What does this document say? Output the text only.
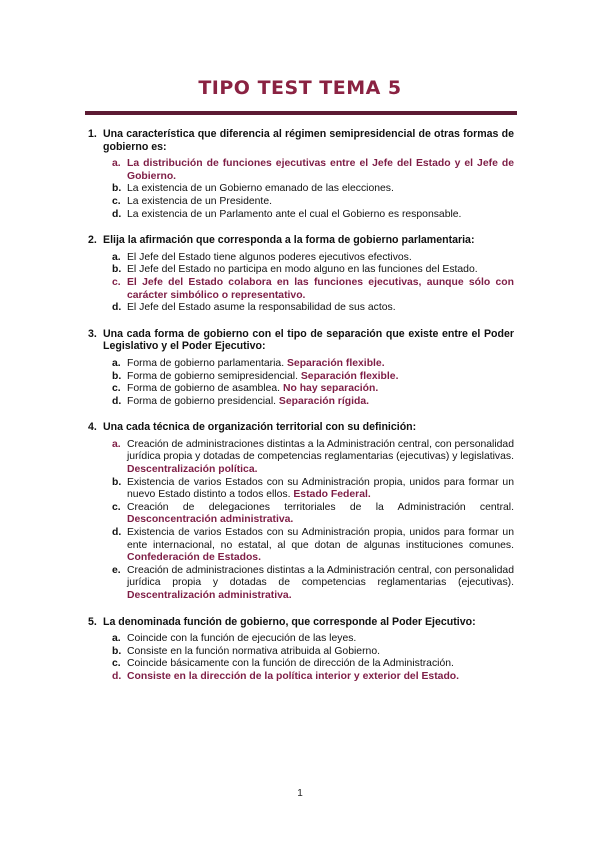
TIPO TEST TEMA 5
1. Una característica que diferencia al régimen semipresidencial de otras formas de gobierno es:
a. La distribución de funciones ejecutivas entre el Jefe del Estado y el Jefe de Gobierno.
b. La existencia de un Gobierno emanado de las elecciones.
c. La existencia de un Presidente.
d. La existencia de un Parlamento ante el cual el Gobierno es responsable.
2. Elija la afirmación que corresponda a la forma de gobierno parlamentaria:
a. El Jefe del Estado tiene algunos poderes ejecutivos efectivos.
b. El Jefe del Estado no participa en modo alguno en las funciones del Estado.
c. El Jefe del Estado colabora en las funciones ejecutivas, aunque sólo con carácter simbólico o representativo.
d. El Jefe del Estado asume la responsabilidad de sus actos.
3. Una cada forma de gobierno con el tipo de separación que existe entre el Poder Legislativo y el Poder Ejecutivo:
a. Forma de gobierno parlamentaria. Separación flexible.
b. Forma de gobierno semipresidencial. Separación flexible.
c. Forma de gobierno de asamblea. No hay separación.
d. Forma de gobierno presidencial. Separación rígida.
4. Una cada técnica de organización territorial con su definición:
a. Creación de administraciones distintas a la Administración central, con personalidad jurídica propia y dotadas de competencias reglamentarias (ejecutivas) y legislativas. Descentralización política.
b. Existencia de varios Estados con su Administración propia, unidos para formar un nuevo Estado distinto a todos ellos. Estado Federal.
c. Creación de delegaciones territoriales de la Administración central. Desconcentración administrativa.
d. Existencia de varios Estados con su Administración propia, unidos para formar un ente internacional, no estatal, al que dotan de algunas instituciones comunes. Confederación de Estados.
e. Creación de administraciones distintas a la Administración central, con personalidad jurídica propia y dotadas de competencias reglamentarias (ejecutivas). Descentralización administrativa.
5. La denominada función de gobierno, que corresponde al Poder Ejecutivo:
a. Coincide con la función de ejecución de las leyes.
b. Consiste en la función normativa atribuida al Gobierno.
c. Coincide básicamente con la función de dirección de la Administración.
d. Consiste en la dirección de la política interior y exterior del Estado.
1
